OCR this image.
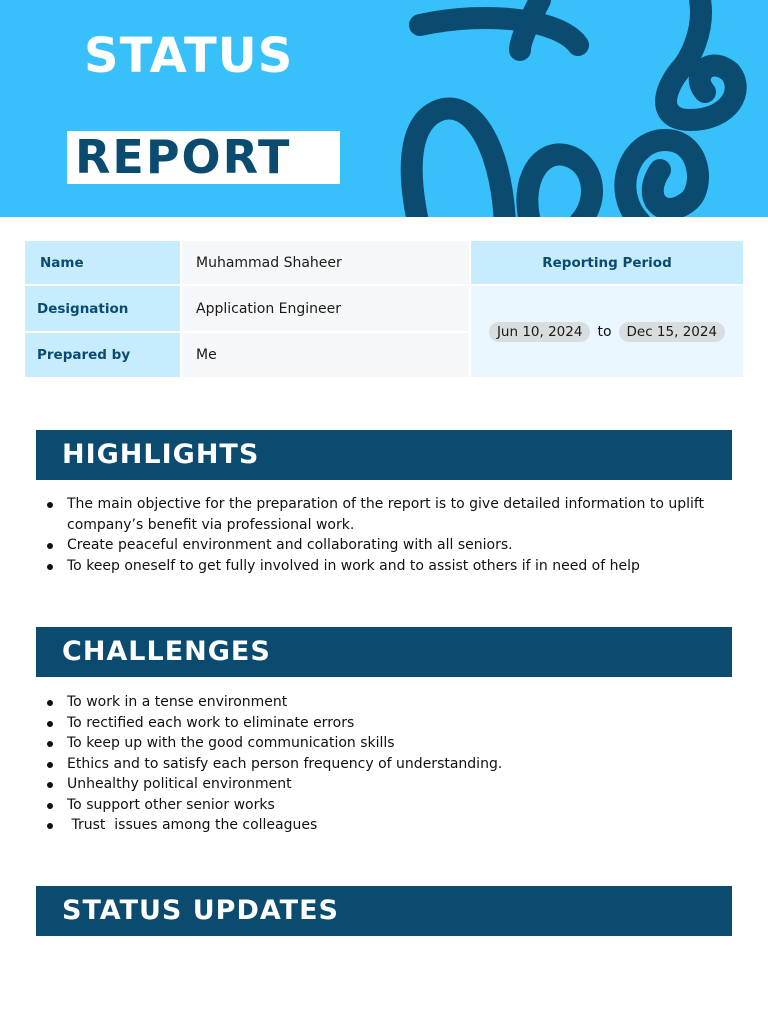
STATUS
REPORT
Name	Muhammad Shaheer
Designation	Application Engineer
Prepared by	Me
Reporting Period
Jun 10, 2024	to	Dec 15, 2024
HIGHLIGHTS
The main objective for the preparation of the report is to give detailed information to uplift company’s benefit via professional work.
Create peaceful environment and collaborating with all seniors.
To keep oneself to get fully involved in work and to assist others if in need of help
CHALLENGES
To work in a tense environment
To rectified each work to eliminate errors
To keep up with the good communication skills
Ethics and to satisfy each person frequency of understanding.
Unhealthy political environment
To support other senior works
Trust  issues among the colleagues
STATUS UPDATES
